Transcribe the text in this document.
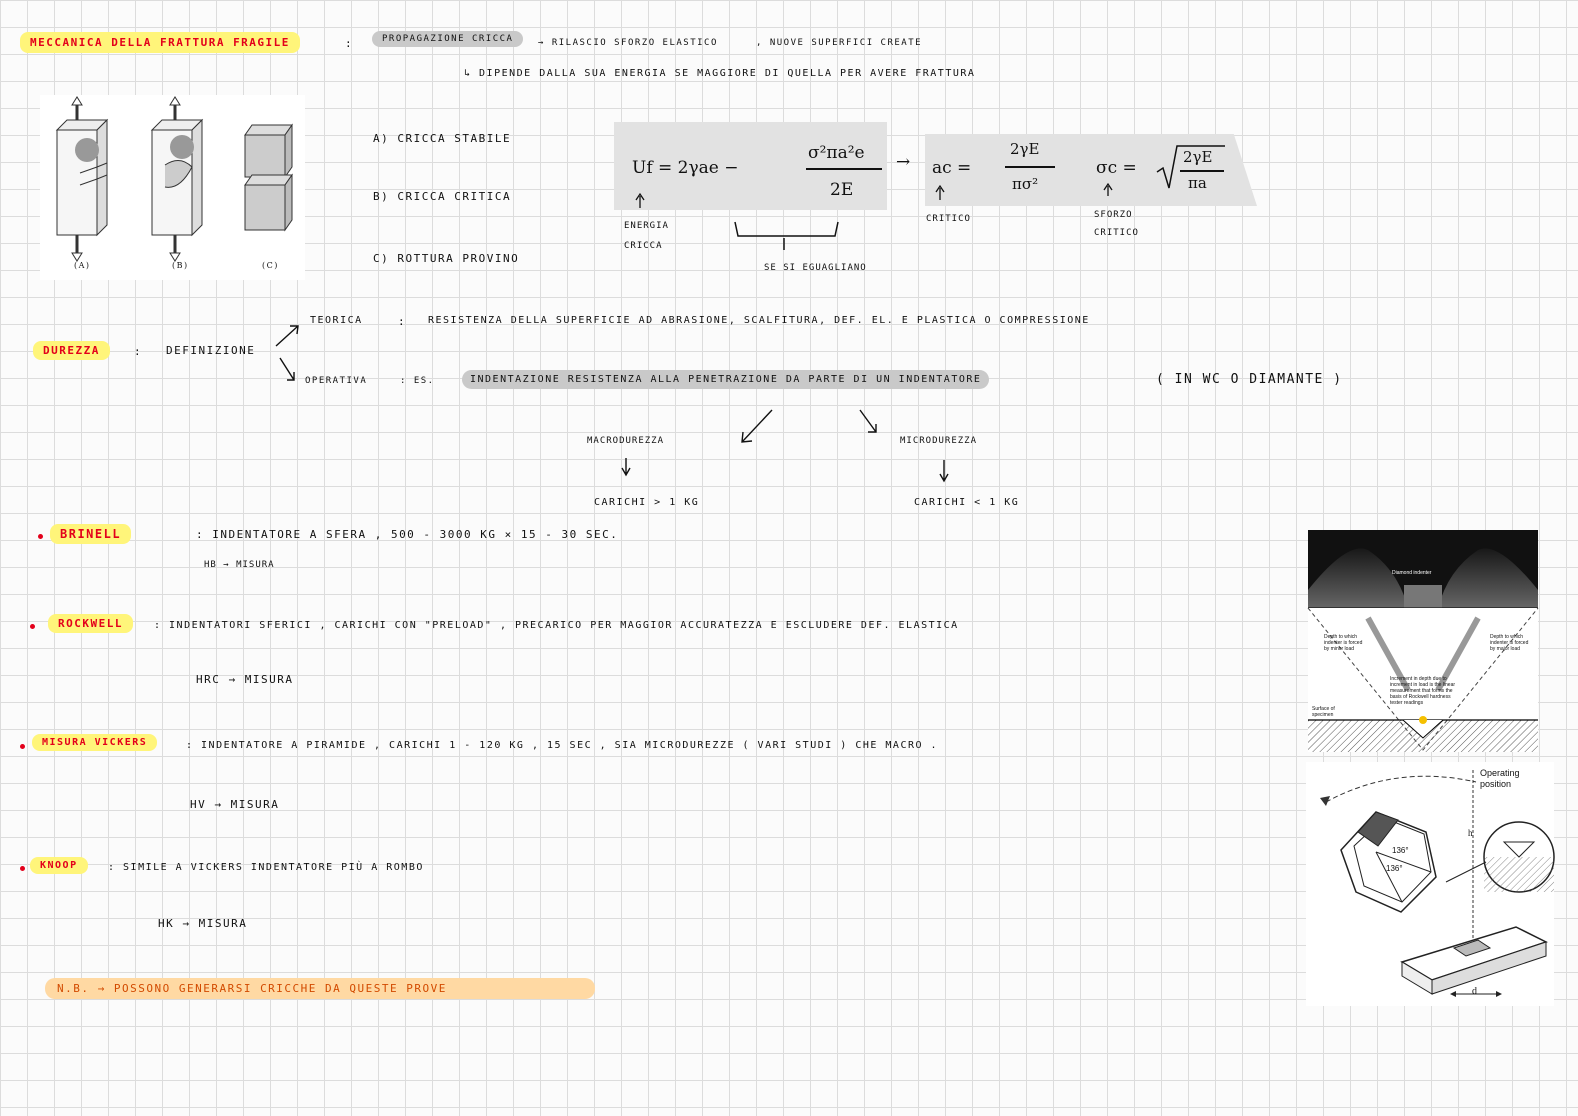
MECCANICA DELLA FRATTURA FRAGILE	:	PROPAGAZIONE CRICCA	→ RILASCIO SFORZO ELASTICO	, NUOVE SUPERFICI CREATE
↳ DIPENDE DALLA SUA ENERGIA SE MAGGIORE DI QUELLA PER AVERE FRATTURA
(A)	(B)	(C)
A) CRICCA STABILE
B) CRICCA CRITICA
C) ROTTURA PROVINO
Uf = 2γae −
σ²πa²e
2E
→ ac =
2γE
πσ²
σc =
2γE
πa
ENERGIA CRICCA
CRITICO	SFORZO CRITICO
SE SI EGUAGLIANO
DUREZZA	: DEFINIZIONE
TEORICA	: RESISTENZA DELLA SUPERFICIE AD ABRASIONE, SCALFITURA, DEF. EL. E PLASTICA O COMPRESSIONE
OPERATIVA	: ES.	INDENTAZIONE RESISTENZA ALLA PENETRAZIONE DA PARTE DI UN INDENTATORE	( IN WC O DIAMANTE )
MACRODUREZZA	MICRODUREZZA
CARICHI > 1 KG	CARICHI < 1 KG
BRINELL	: INDENTATORE A SFERA , 500 - 3000 KG × 15 - 30 SEC.
HB → MISURA
ROCKWELL	: INDENTATORI SFERICI , CARICHI CON "PRELOAD" , PRECARICO PER MAGGIOR ACCURATEZZA E ESCLUDERE DEF. ELASTICA
HRC → MISURA
MISURA VICKERS	: INDENTATORE A PIRAMIDE , CARICHI 1 - 120 KG , 15 SEC , SIA MICRODUREZZE ( VARI STUDI ) CHE MACRO .
HV → MISURA
KNOOP	: SIMILE A VICKERS INDENTATORE PIÙ A ROMBO
HK → MISURA
N.B. → POSSONO GENERARSI CRICCHE DA QUESTE PROVE
Diamond indenter
Depth to which indenter is forced by minor load
Depth to which indenter is forced by major load
Increment in depth due to increment in load is the linear measurement that forms the basis of Rockwell hardness tester readings
Surface of specimen
Operating position
136°
136°
h
d
